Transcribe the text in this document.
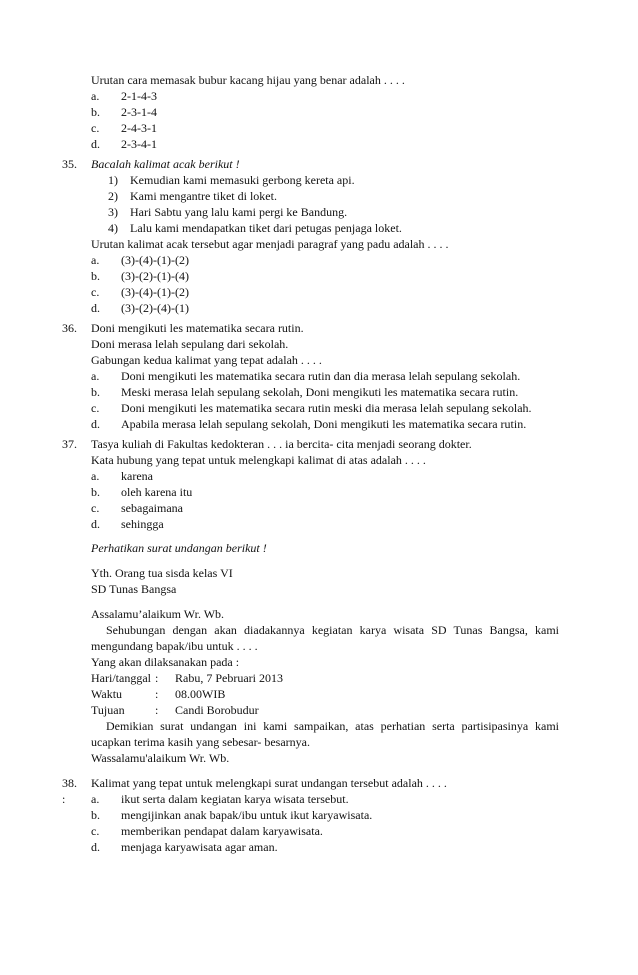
Urutan cara memasak bubur kacang hijau yang benar adalah . . . .
a. 2-1-4-3
b. 2-3-1-4
c. 2-4-3-1
d. 2-3-4-1
35. Bacalah kalimat acak berikut !
1) Kemudian kami memasuki gerbong kereta api.
2) Kami mengantre tiket di loket.
3) Hari Sabtu yang lalu kami pergi ke Bandung.
4) Lalu kami mendapatkan tiket dari petugas penjaga loket.
Urutan kalimat acak tersebut agar menjadi paragraf yang padu adalah . . . .
a. (3)-(4)-(1)-(2)
b. (3)-(2)-(1)-(4)
c. (3)-(4)-(1)-(2)
d. (3)-(2)-(4)-(1)
36. Doni mengikuti les matematika secara rutin.
Doni merasa lelah sepulang dari sekolah.
Gabungan kedua kalimat yang tepat adalah . . . .
a. Doni mengikuti les matematika secara rutin dan dia merasa lelah sepulang sekolah.
b. Meski merasa lelah sepulang sekolah, Doni mengikuti les matematika secara rutin.
c. Doni mengikuti les matematika secara rutin meski dia merasa lelah sepulang sekolah.
d. Apabila merasa lelah sepulang sekolah, Doni mengikuti les matematika secara rutin.
37. Tasya kuliah di Fakultas kedokteran . . . ia bercita- cita menjadi seorang dokter.
Kata hubung yang tepat untuk melengkapi kalimat di atas adalah . . . .
a. karena
b. oleh karena itu
c. sebagaimana
d. sehingga
Perhatikan surat undangan berikut !
Yth. Orang tua sisda kelas VI
SD Tunas Bangsa
Assalamu’alaikum Wr. Wb.
Sehubungan dengan akan diadakannya kegiatan karya wisata SD Tunas Bangsa, kami
mengundang bapak/ibu untuk . . . .
Yang akan dilaksanakan pada :
Hari/tanggal : Rabu, 7 Pebruari 2013
Waktu	: 08.00WIB
Tujuan	: Candi Borobudur
Demikian surat undangan ini kami sampaikan, atas perhatian serta partisipasinya kami
ucapkan terima kasih yang sebesar- besarnya.
Wassalamu'alaikum Wr. Wb.
38. Kalimat yang tepat untuk melengkapi surat undangan tersebut adalah . . . .
: a. ikut serta dalam kegiatan karya wisata tersebut.
b. mengijinkan anak bapak/ibu untuk ikut karyawisata.
c. memberikan pendapat dalam karyawisata.
d. menjaga karyawisata agar aman.
